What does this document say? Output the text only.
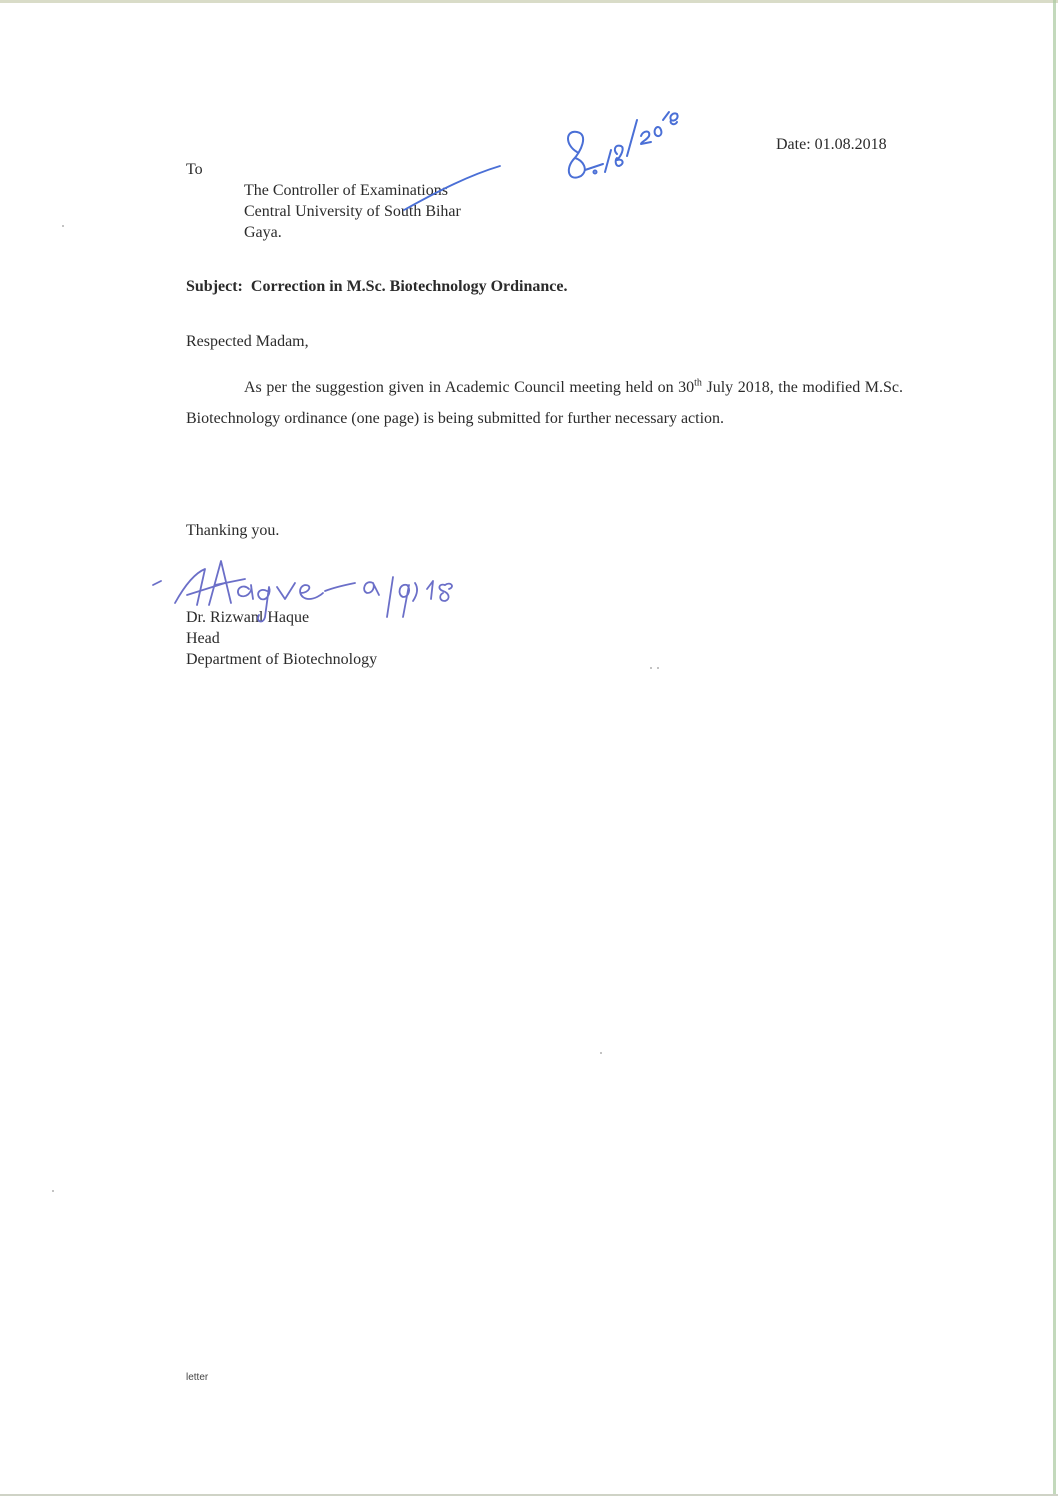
Date: 01.08.2018
To
The Controller of Examinations
Central University of South Bihar
Gaya.
Subject: Correction in M.Sc. Biotechnology Ordinance.
Respected Madam,
As per the suggestion given in Academic Council meeting held on 30th July 2018, the modified M.Sc. Biotechnology ordinance (one page) is being submitted for further necessary action.
Thanking you.
Dr. Rizwanl Haque
Head
Department of Biotechnology
letter
